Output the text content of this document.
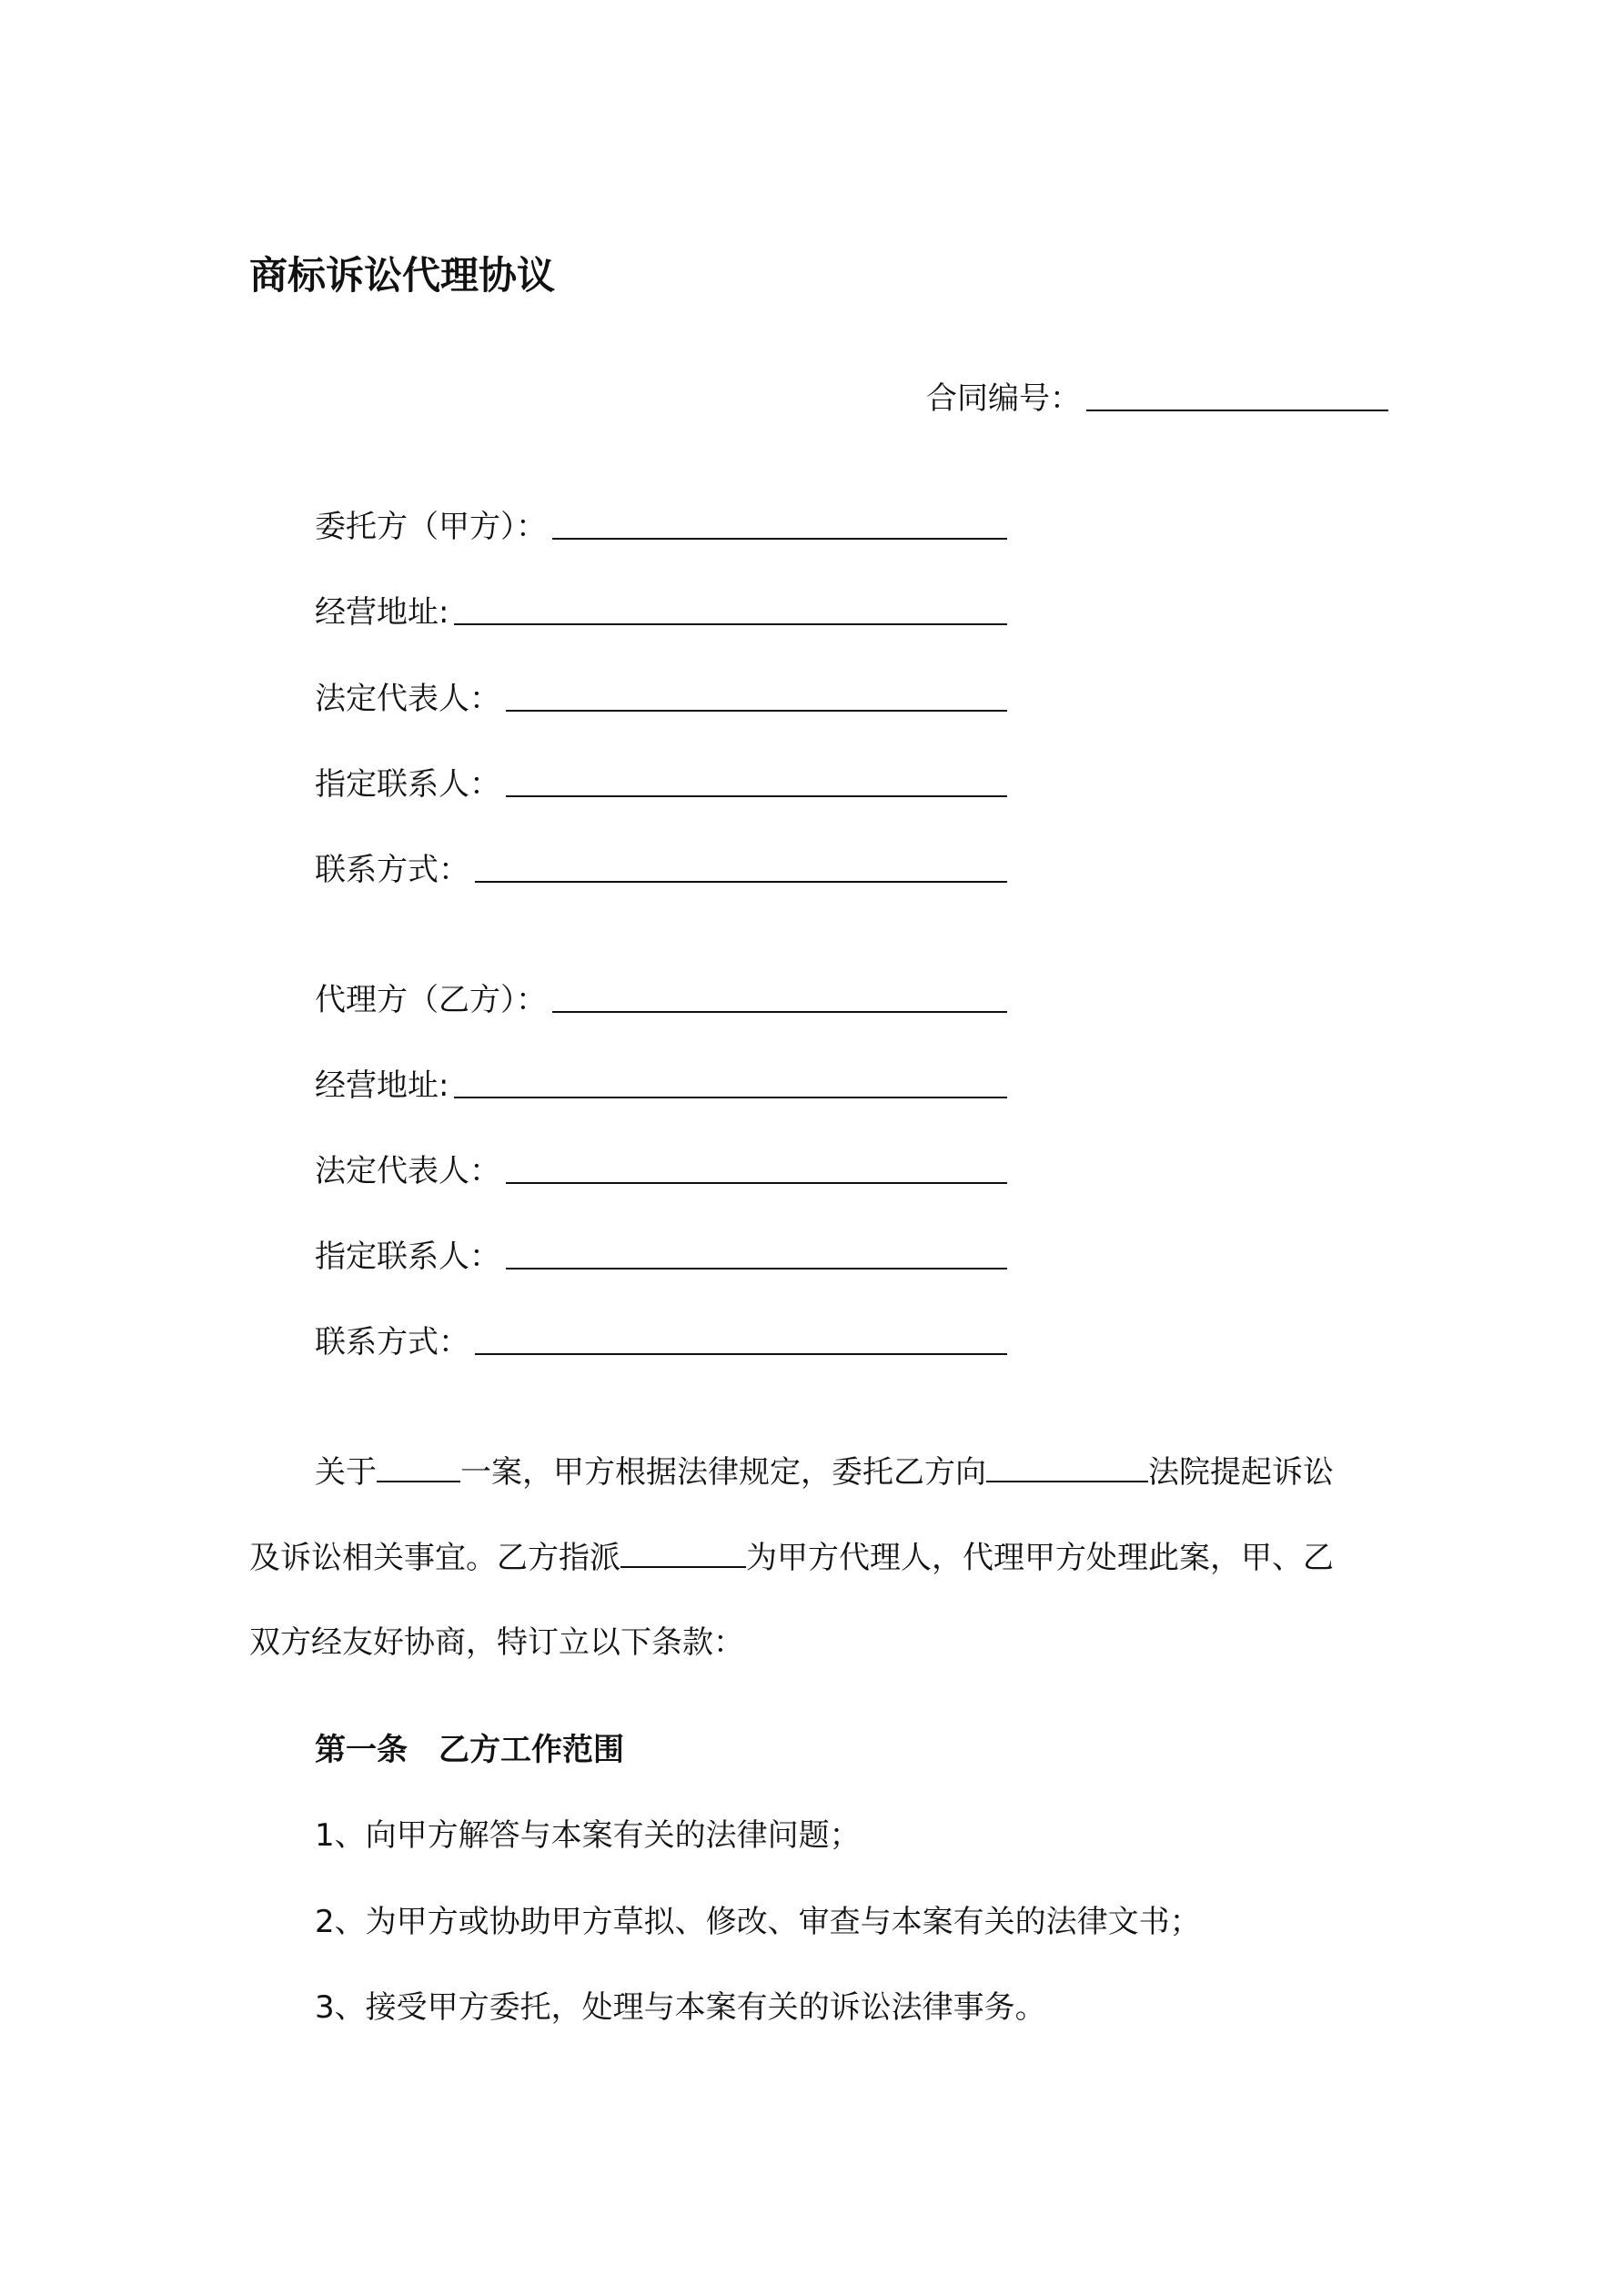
商标诉讼代理协议
合同编号：
委托方（甲方）：
经营地址:
法定代表人：
指定联系人：
联系方式：
代理方（乙方）：
经营地址:
法定代表人：
指定联系人：
联系方式：
关于	一案，甲方根据法律规定，委托乙方向	法院提起诉讼
及诉讼相关事宜。乙方指派	为甲方代理人，代理甲方处理此案，甲、乙
双方经友好协商，特订立以下条款：
第一条　乙方工作范围
1、向甲方解答与本案有关的法律问题；
2、为甲方或协助甲方草拟、修改、审查与本案有关的法律文书；
3、接受甲方委托，处理与本案有关的诉讼法律事务。
